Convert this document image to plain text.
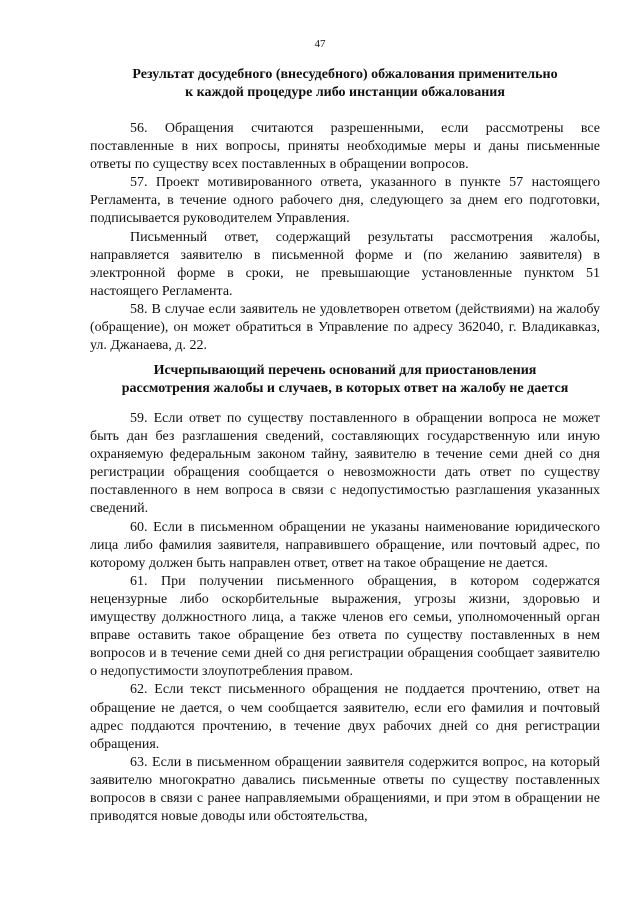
47
Результат досудебного (внесудебного) обжалования применительно
к каждой процедуре либо инстанции обжалования

56. Обращения считаются разрешенными, если рассмотрены все поставленные в них вопросы, приняты необходимые меры и даны письменные ответы по существу всех поставленных в обращении вопросов.

57. Проект мотивированного ответа, указанного в пункте 57 настоящего Регламента, в течение одного рабочего дня, следующего за днем его подготовки, подписывается руководителем Управления.

Письменный ответ, содержащий результаты рассмотрения жалобы, направляется заявителю в письменной форме и (по желанию заявителя) в электронной форме в сроки, не превышающие установленные пунктом 51 настоящего Регламента.

58. В случае если заявитель не удовлетворен ответом (действиями) на жалобу (обращение), он может обратиться в Управление по адресу 362040, г. Владикавказ, ул. Джанаева, д. 22.

Исчерпывающий перечень оснований для приостановления
рассмотрения жалобы и случаев, в которых ответ на жалобу не дается

59. Если ответ по существу поставленного в обращении вопроса не может быть дан без разглашения сведений, составляющих государственную или иную охраняемую федеральным законом тайну, заявителю в течение семи дней со дня регистрации обращения сообщается о невозможности дать ответ по существу поставленного в нем вопроса в связи с недопустимостью разглашения указанных сведений.

60. Если в письменном обращении не указаны наименование юридического лица либо фамилия заявителя, направившего обращение, или почтовый адрес, по которому должен быть направлен ответ, ответ на такое обращение не дается.

61. При получении письменного обращения, в котором содержатся нецензурные либо оскорбительные выражения, угрозы жизни, здоровью и имуществу должностного лица, а также членов его семьи, уполномоченный орган вправе оставить такое обращение без ответа по существу поставленных в нем вопросов и в течение семи дней со дня регистрации обращения сообщает заявителю о недопустимости злоупотребления правом.

62. Если текст письменного обращения не поддается прочтению, ответ на обращение не дается, о чем сообщается заявителю, если его фамилия и почтовый адрес поддаются прочтению, в течение двух рабочих дней со дня регистрации обращения.

63. Если в письменном обращении заявителя содержится вопрос, на который заявителю многократно давались письменные ответы по существу поставленных вопросов в связи с ранее направляемыми обращениями, и при этом в обращении не приводятся новые доводы или обстоятельства,
